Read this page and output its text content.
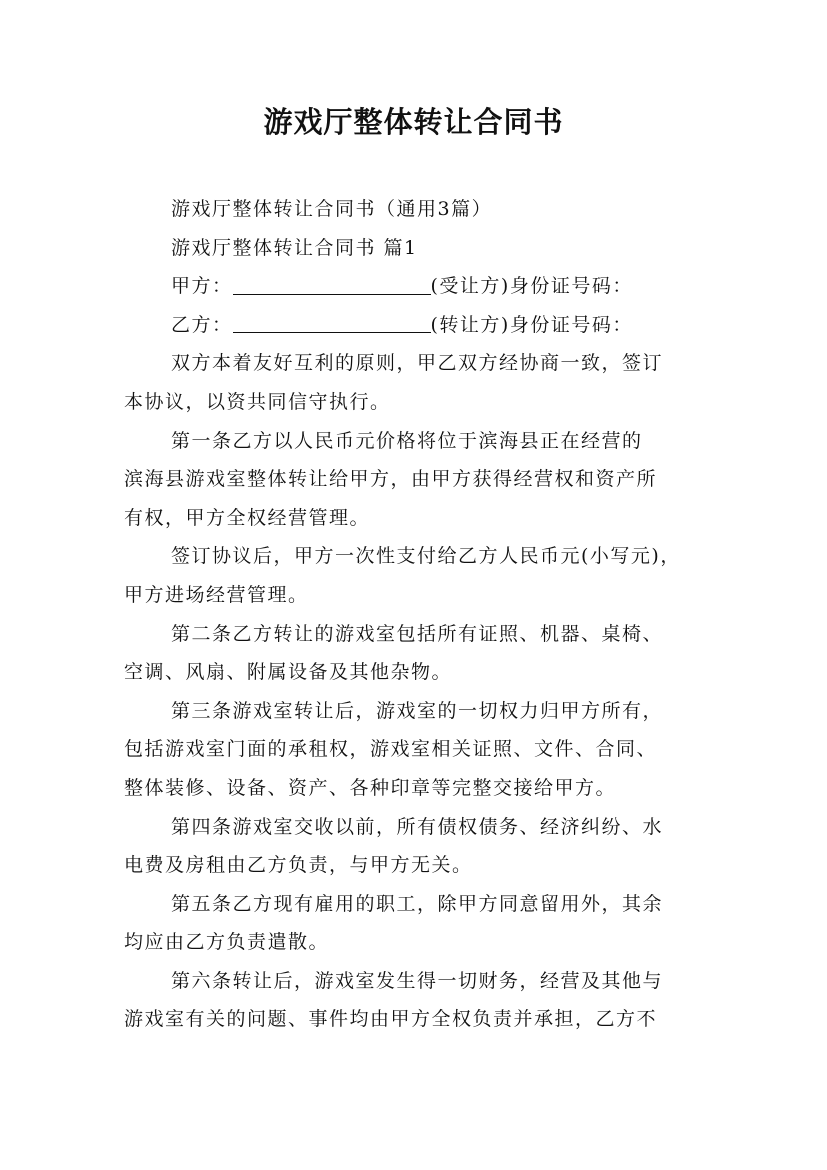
游戏厅整体转让合同书
游戏厅整体转让合同书（通用3篇）
游戏厅整体转让合同书 篇1
甲方：	(受让方)身份证号码：
乙方：	(转让方)身份证号码：
双方本着友好互利的原则，甲乙双方经协商一致，签订
本协议，以资共同信守执行。
第一条乙方以人民币元价格将位于滨海县正在经营的
滨海县游戏室整体转让给甲方，由甲方获得经营权和资产所
有权，甲方全权经营管理。
签订协议后，甲方一次性支付给乙方人民币元(小写元)，
甲方进场经营管理。
第二条乙方转让的游戏室包括所有证照、机器、桌椅、
空调、风扇、附属设备及其他杂物。
第三条游戏室转让后，游戏室的一切权力归甲方所有，
包括游戏室门面的承租权，游戏室相关证照、文件、合同、
整体装修、设备、资产、各种印章等完整交接给甲方。
第四条游戏室交收以前，所有债权债务、经济纠纷、水
电费及房租由乙方负责，与甲方无关。
第五条乙方现有雇用的职工，除甲方同意留用外，其余
均应由乙方负责遣散。
第六条转让后，游戏室发生得一切财务，经营及其他与
游戏室有关的问题、事件均由甲方全权负责并承担，乙方不
